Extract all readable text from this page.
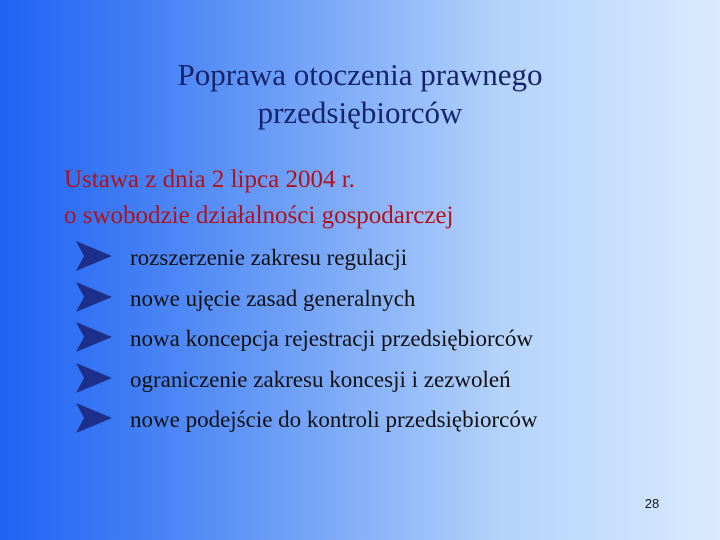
Poprawa otoczenia prawnego
przedsiębiorców
Ustawa z dnia 2 lipca 2004 r.
o swobodzie działalności gospodarczej
rozszerzenie zakresu regulacji
nowe ujęcie zasad generalnych
nowa koncepcja rejestracji przedsiębiorców
ograniczenie zakresu koncesji i zezwoleń
nowe podejście do kontroli przedsiębiorców
28
